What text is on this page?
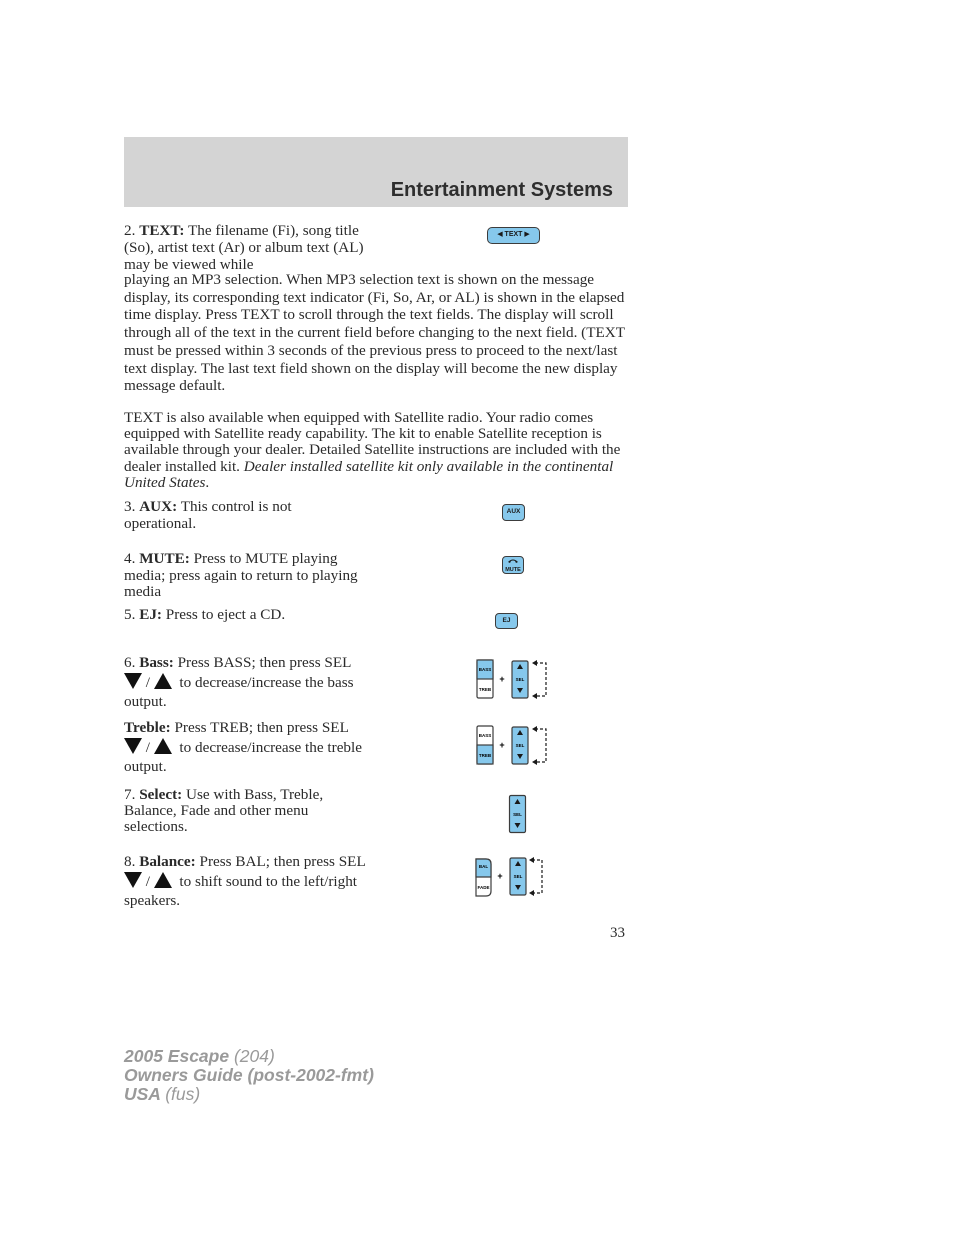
Entertainment Systems

2. TEXT: The filename (Fi), song title (So), artist text (Ar) or album text (AL) may be viewed while

playing an MP3 selection. When MP3 selection text is shown on the message display, its corresponding text indicator (Fi, So, Ar, or AL) is shown in the elapsed time display. Press TEXT to scroll through the text fields. The display will scroll through all of the text in the current field before changing to the next field. (TEXT must be pressed within 3 seconds of the previous press to proceed to the next/last text display. The last text field shown on the display will become the new display message default.

TEXT is also available when equipped with Satellite radio. Your radio comes equipped with Satellite ready capability. The kit to enable Satellite reception is available through your dealer. Detailed Satellite instructions are included with the dealer installed kit. Dealer installed satellite kit only available in the continental United States.

◀ TEXT ▶

3. AUX: This control is not operational.

AUX

4. MUTE: Press to MUTE playing media; press again to return to playing media

MUTE

5. EJ: Press to eject a CD.	EJ

6. Bass: Press BASS; then press SEL  / to decrease/increase the bass output.

BASS
TREB
+ SEL

Treble: Press TREB; then press SEL  / to decrease/increase the treble output.

BASS
TREB
+ SEL

7. Select: Use with Bass, Treble, Balance, Fade and other menu selections.

SEL

8. Balance: Press BAL; then press SEL  / to shift sound to the left/right speakers.

BAL
FADE
+ SEL
33
2005 Escape (204)
Owners Guide (post-2002-fmt)
USA (fus)
